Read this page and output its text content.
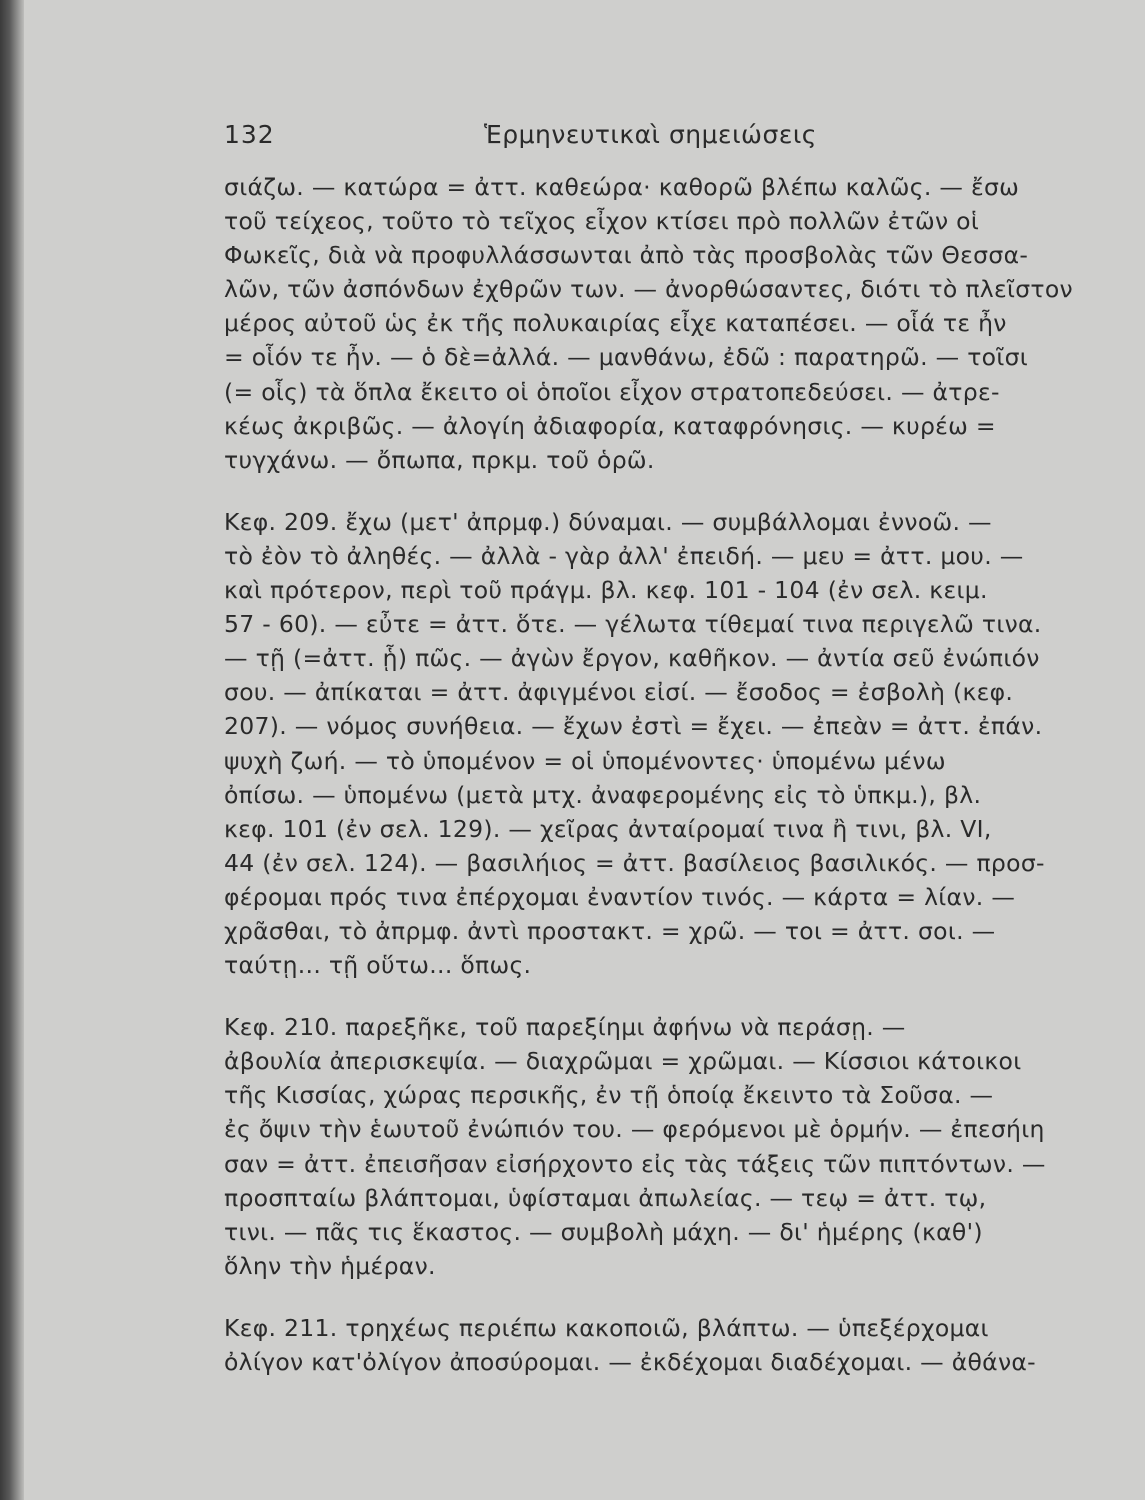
132	Ἑρμηνευτικαὶ σημειώσεις
σιάζω. — κατώρα = ἀττ. καθεώρα· καθορῶ βλέπω καλῶς. — ἔσω
τοῦ τείχεος, τοῦτο τὸ τεῖχος εἶχον κτίσει πρὸ πολλῶν ἐτῶν οἱ
Φωκεῖς, διὰ νὰ προφυλλάσσωνται ἀπὸ τὰς προσβολὰς τῶν Θεσσα-
λῶν, τῶν ἀσπόνδων ἐχθρῶν των. — ἀνορθώσαντες, διότι τὸ πλεῖστον
μέρος αὐτοῦ ὡς ἐκ τῆς πολυκαιρίας εἶχε καταπέσει. — οἷά τε ἦν
= οἷόν τε ἦν. — ὁ δὲ=ἀλλά. — μανθάνω, ἐδῶ : παρατηρῶ. — τοῖσι
(= οἷς) τὰ ὅπλα ἔκειτο οἱ ὁποῖοι εἶχον στρατοπεδεύσει. — ἀτρε-
κέως ἀκριβῶς. — ἀλογίη ἀδιαφορία, καταφρόνησις. — κυρέω =
τυγχάνω. — ὄπωπα, πρκμ. τοῦ ὁρῶ.
Κεφ. 209. ἔχω (μετ' ἀπρμφ.) δύναμαι. — συμβάλλομαι ἐννοῶ. —
τὸ ἐὸν τὸ ἀληθές. — ἀλλὰ - γὰρ ἀλλ' ἐπειδή. — μευ = ἀττ. μου. —
καὶ πρότερον, περὶ τοῦ πράγμ. βλ. κεφ. 101 - 104 (ἐν σελ. κειμ.
57 - 60). — εὖτε = ἀττ. ὅτε. — γέλωτα τίθεμαί τινα περιγελῶ τινα.
— τῇ (=ἀττ. ᾗ) πῶς. — ἀγὼν ἔργον, καθῆκον. — ἀντία σεῦ ἐνώπιόν
σου. — ἀπίκαται = ἀττ. ἀφιγμένοι εἰσί. — ἔσοδος = ἐσβολὴ (κεφ.
207). — νόμος συνήθεια. — ἔχων ἐστὶ = ἔχει. — ἐπεὰν = ἀττ. ἐπάν.
ψυχὴ ζωή. — τὸ ὑπομένον = οἱ ὑπομένοντες· ὑπομένω μένω
ὀπίσω. — ὑπομένω (μετὰ μτχ. ἀναφερομένης εἰς τὸ ὑπκμ.), βλ.
κεφ. 101 (ἐν σελ. 129). — χεῖρας ἀνταίρομαί τινα ἢ τινι, βλ. VI,
44 (ἐν σελ. 124). — βασιλήιος = ἀττ. βασίλειος βασιλικός. — προσ-
φέρομαι πρός τινα ἐπέρχομαι ἐναντίον τινός. — κάρτα = λίαν. —
χρᾶσθαι, τὸ ἀπρμφ. ἀντὶ προστακτ. = χρῶ. — τοι = ἀττ. σοι. —
ταύτῃ... τῇ οὕτω... ὅπως.
Κεφ. 210. παρεξῆκε, τοῦ παρεξίημι ἀφήνω νὰ περάσῃ. —
ἀβουλία ἀπερισκεψία. — διαχρῶμαι = χρῶμαι. — Κίσσιοι κάτοικοι
τῆς Κισσίας, χώρας περσικῆς, ἐν τῇ ὁποίᾳ ἔκειντο τὰ Σοῦσα. —
ἐς ὄψιν τὴν ἑωυτοῦ ἐνώπιόν του. — φερόμενοι μὲ ὁρμήν. — ἐπεσήιη
σαν = ἀττ. ἐπεισῆσαν εἰσήρχοντο εἰς τὰς τάξεις τῶν πιπτόντων. —
προσπταίω βλάπτομαι, ὑφίσταμαι ἀπωλείας. — τεῳ = ἀττ. τῳ,
τινι. — πᾶς τις ἕκαστος. — συμβολὴ μάχη. — δι' ἡμέρης (καθ')
ὅλην τὴν ἡμέραν.
Κεφ. 211. τρηχέως περιέπω κακοποιῶ, βλάπτω. — ὑπεξέρχομαι
ὀλίγον κατ'ὀλίγον ἀποσύρομαι. — ἐκδέχομαι διαδέχομαι. — ἀθάνα-
